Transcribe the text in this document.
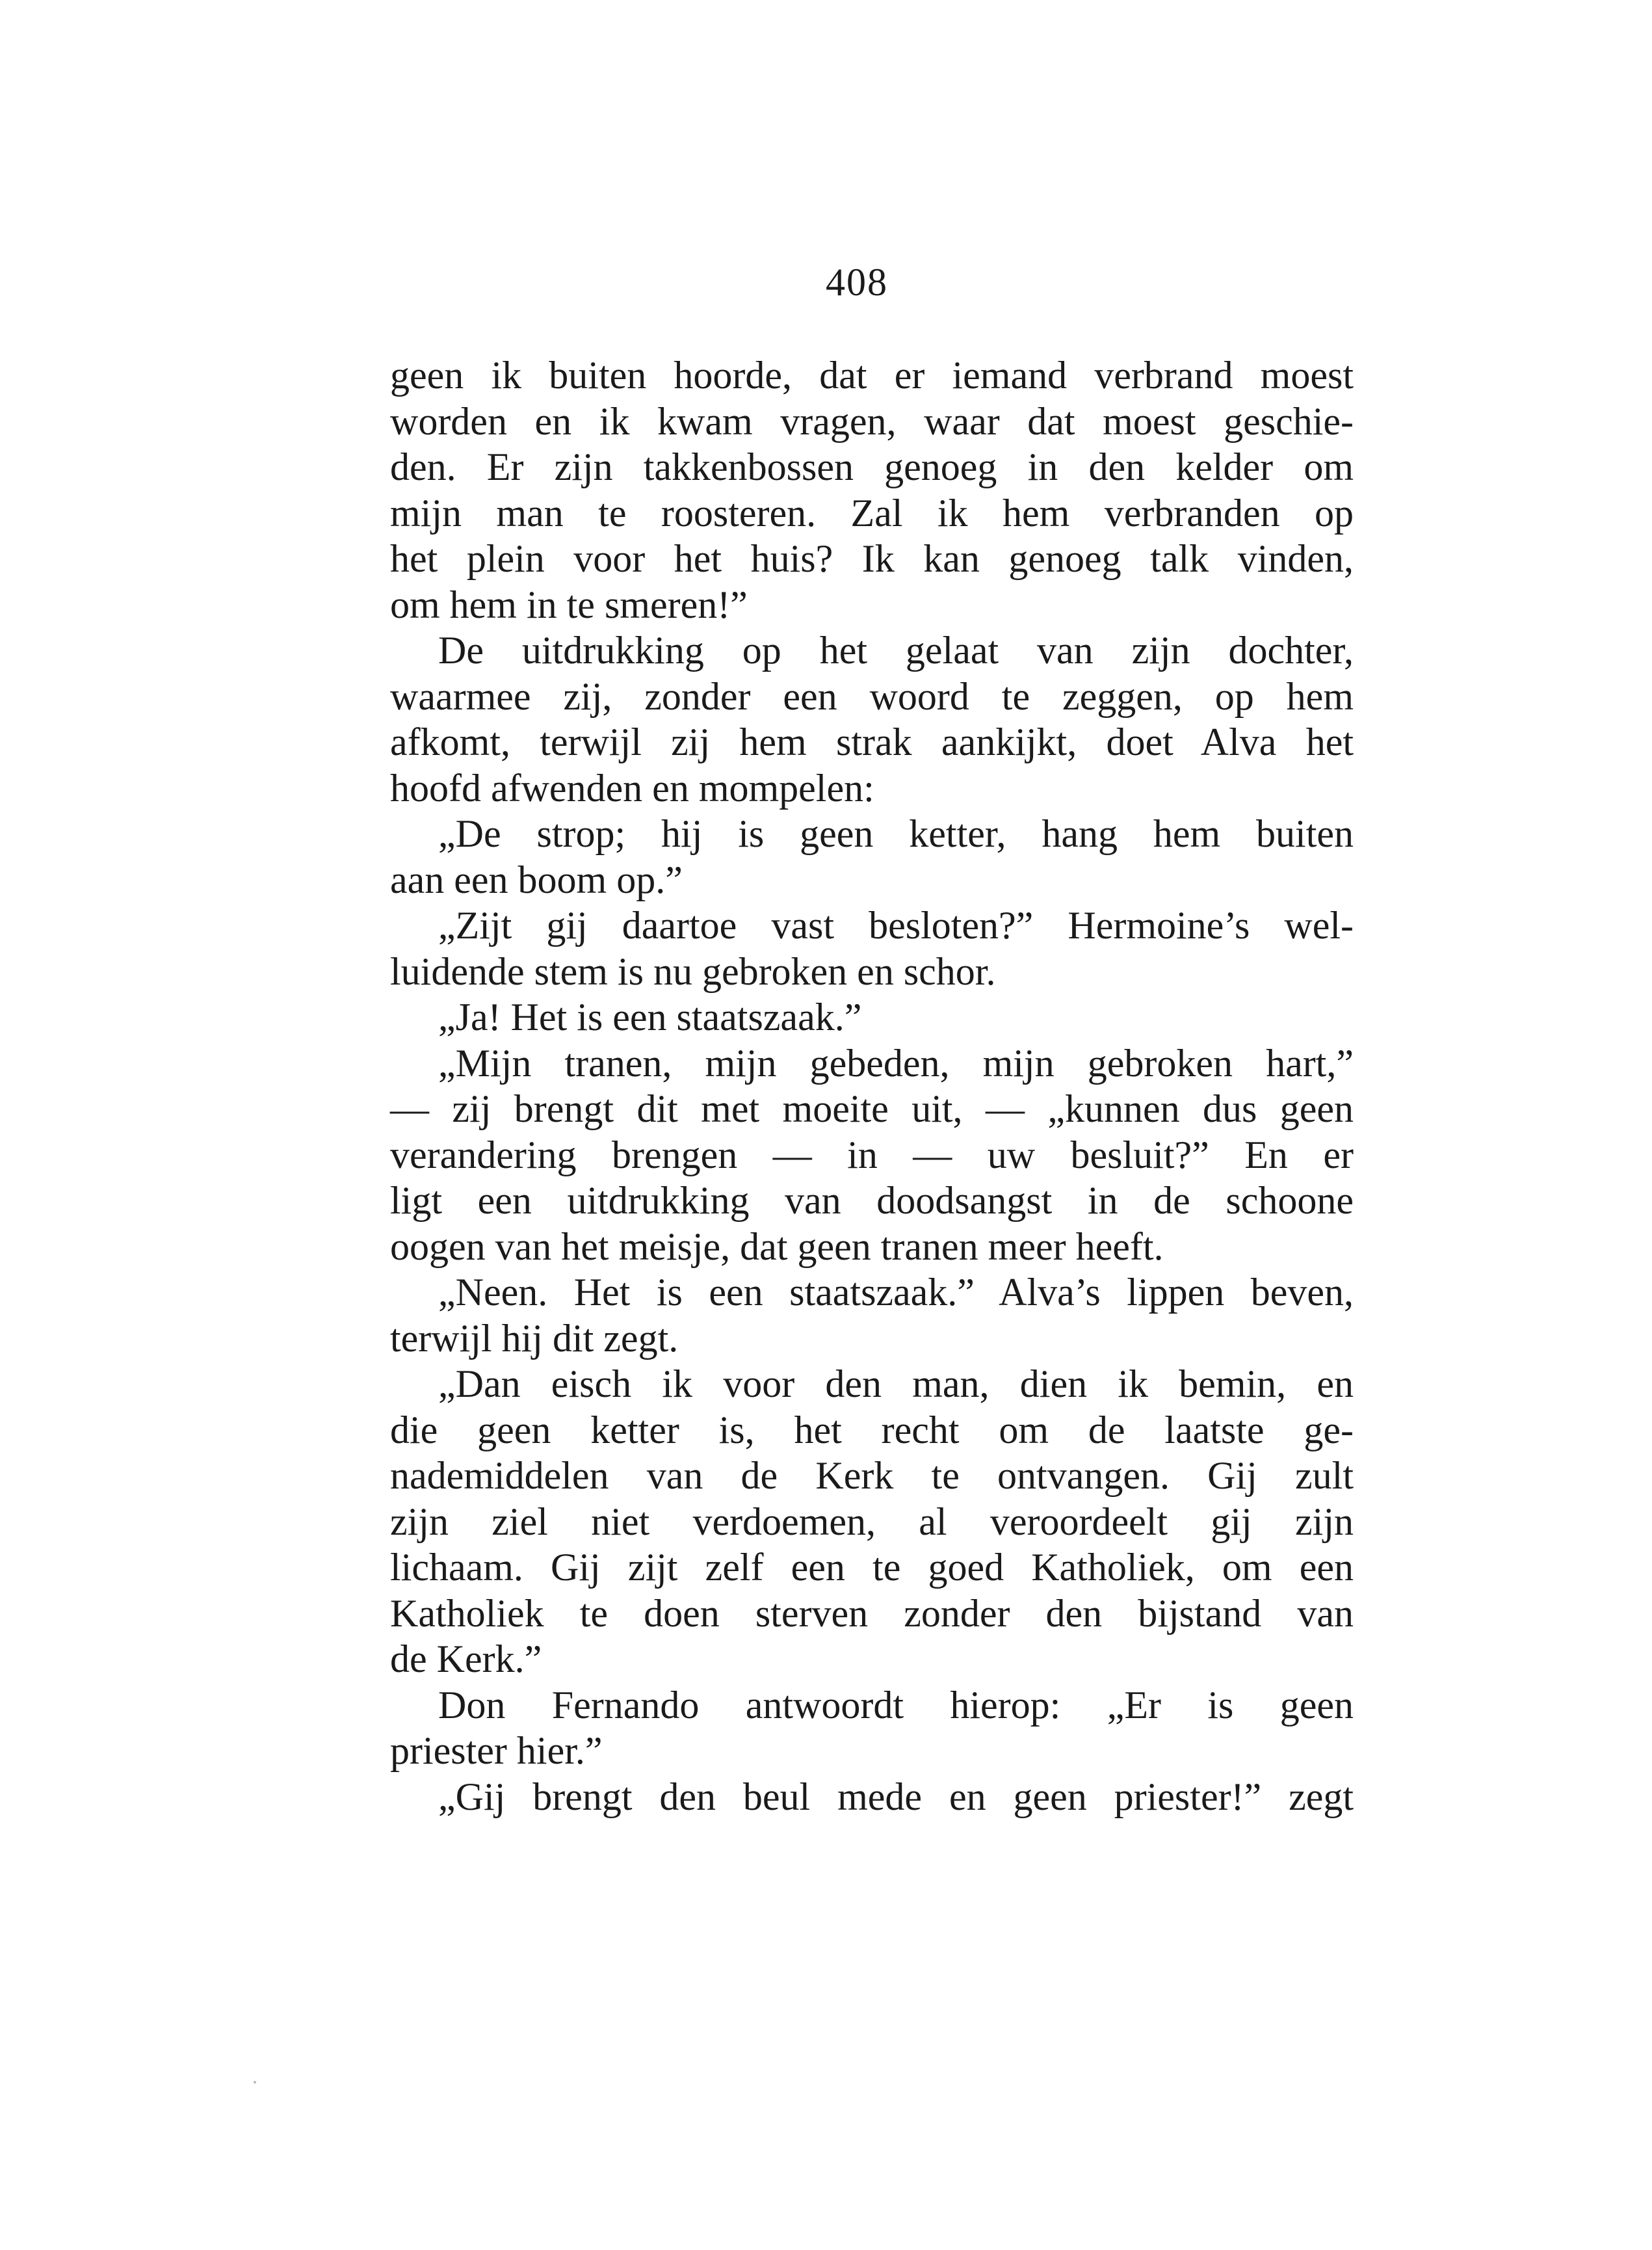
408
geen ik buiten hoorde, dat er iemand verbrand moest
worden en ik kwam vragen, waar dat moest geschie-
den. Er zijn takkenbossen genoeg in den kelder om
mijn man te roosteren. Zal ik hem verbranden op
het plein voor het huis? Ik kan genoeg talk vinden,
om hem in te smeren!”
De uitdrukking op het gelaat van zijn dochter,
waarmee zij, zonder een woord te zeggen, op hem
afkomt, terwijl zij hem strak aankijkt, doet Alva het
hoofd afwenden en mompelen:
„De strop; hij is geen ketter, hang hem buiten
aan een boom op.”
„Zijt gij daartoe vast besloten?” Hermoine’s wel-
luidende stem is nu gebroken en schor.
„Ja! Het is een staatszaak.”
„Mijn tranen, mijn gebeden, mijn gebroken hart,”
— zij brengt dit met moeite uit, — „kunnen dus geen
verandering brengen — in — uw besluit?” En er
ligt een uitdrukking van doodsangst in de schoone
oogen van het meisje, dat geen tranen meer heeft.
„Neen. Het is een staatszaak.” Alva’s lippen beven,
terwijl hij dit zegt.
„Dan eisch ik voor den man, dien ik bemin, en
die geen ketter is, het recht om de laatste ge-
nademiddelen van de Kerk te ontvangen. Gij zult
zijn ziel niet verdoemen, al veroordeelt gij zijn
lichaam. Gij zijt zelf een te goed Katholiek, om een
Katholiek te doen sterven zonder den bijstand van
de Kerk.”
Don Fernando antwoordt hierop: „Er is geen
priester hier.”
„Gij brengt den beul mede en geen priester!” zegt
